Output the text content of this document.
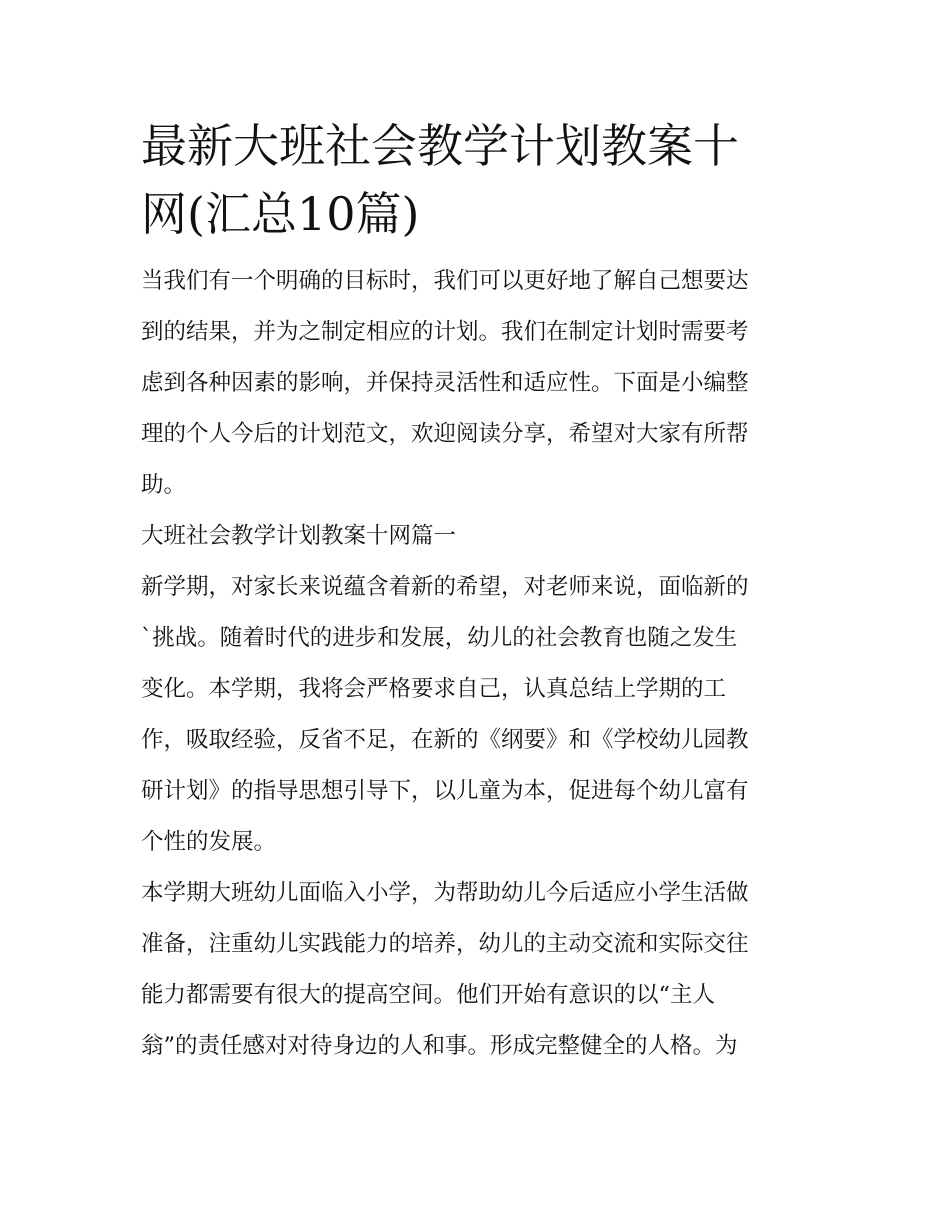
最新大班社会教学计划教案十
网(汇总10篇)

当我们有一个明确的目标时，我们可以更好地了解自己想要达

到的结果，并为之制定相应的计划。我们在制定计划时需要考

虑到各种因素的影响，并保持灵活性和适应性。下面是小编整

理的个人今后的计划范文，欢迎阅读分享，希望对大家有所帮

助。

大班社会教学计划教案十网篇一

新学期，对家长来说蕴含着新的希望，对老师来说，面临新的

`挑战。随着时代的进步和发展，幼儿的社会教育也随之发生

变化。本学期，我将会严格要求自己，认真总结上学期的工

作，吸取经验，反省不足，在新的《纲要》和《学校幼儿园教

研计划》的指导思想引导下，以儿童为本，促进每个幼儿富有

个性的发展。

本学期大班幼儿面临入小学，为帮助幼儿今后适应小学生活做

准备，注重幼儿实践能力的培养，幼儿的主动交流和实际交往

能力都需要有很大的提高空间。他们开始有意识的以“主人

翁”的责任感对对待身边的人和事。形成完整健全的人格。为
